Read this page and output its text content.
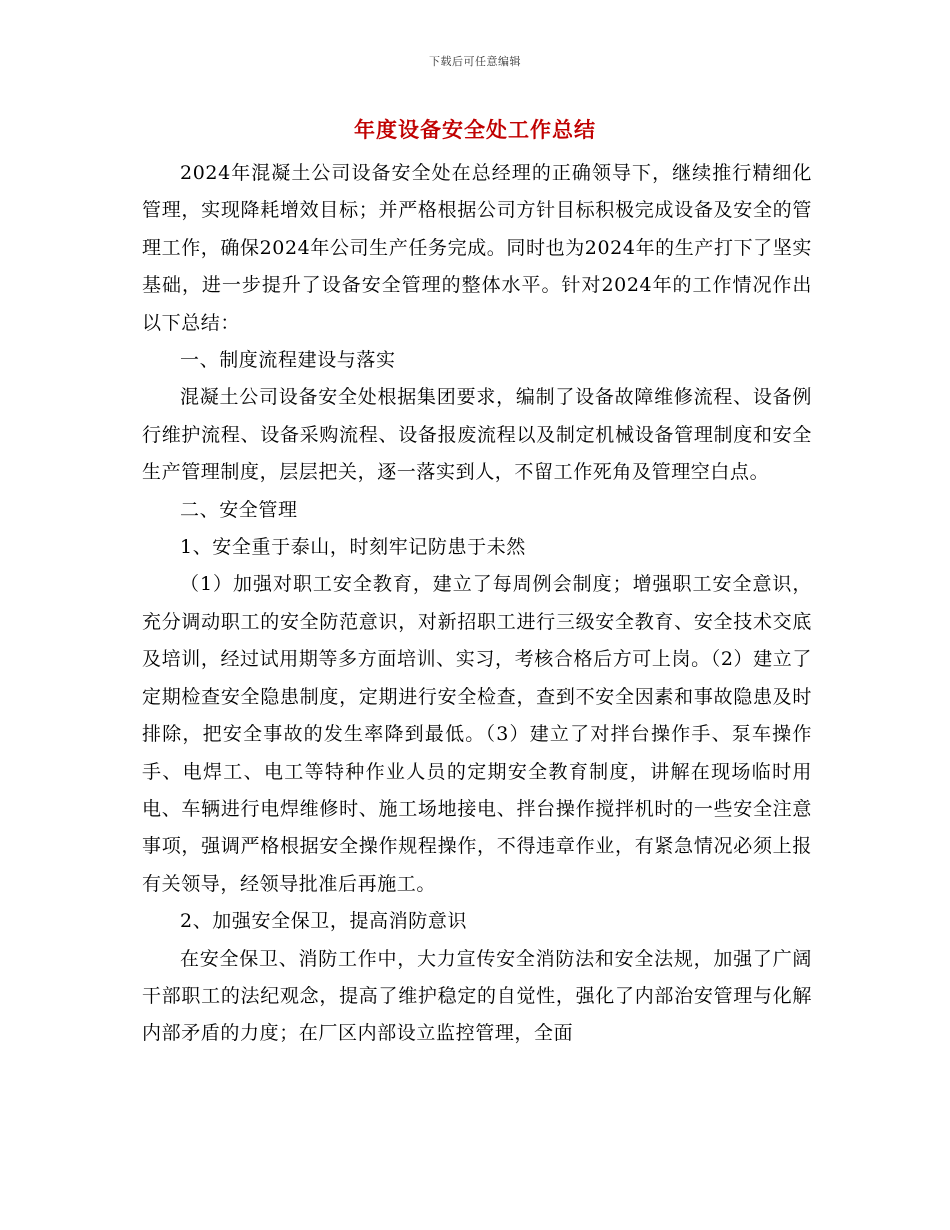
下载后可任意编辑
年度设备安全处工作总结

2024年混凝土公司设备安全处在总经理的正确领导下，继续推行精细化管理，实现降耗增效目标；并严格根据公司方针目标积极完成设备及安全的管理工作，确保2024年公司生产任务完成。同时也为2024年的生产打下了坚实基础，进一步提升了设备安全管理的整体水平。针对2024年的工作情况作出以下总结：

一、制度流程建设与落实

混凝土公司设备安全处根据集团要求，编制了设备故障维修流程、设备例行维护流程、设备采购流程、设备报废流程以及制定机械设备管理制度和安全生产管理制度，层层把关，逐一落实到人，不留工作死角及管理空白点。

二、安全管理

1、安全重于泰山，时刻牢记防患于未然

（1）加强对职工安全教育，建立了每周例会制度；增强职工安全意识，充分调动职工的安全防范意识，对新招职工进行三级安全教育、安全技术交底及培训，经过试用期等多方面培训、实习，考核合格后方可上岗。（2）建立了定期检查安全隐患制度，定期进行安全检查，查到不安全因素和事故隐患及时排除，把安全事故的发生率降到最低。（3）建立了对拌台操作手、泵车操作手、电焊工、电工等特种作业人员的定期安全教育制度，讲解在现场临时用电、车辆进行电焊维修时、施工场地接电、拌台操作搅拌机时的一些安全注意事项，强调严格根据安全操作规程操作，不得违章作业，有紧急情况必须上报有关领导，经领导批准后再施工。

2、加强安全保卫，提高消防意识

在安全保卫、消防工作中，大力宣传安全消防法和安全法规，加强了广阔干部职工的法纪观念，提高了维护稳定的自觉性，强化了内部治安管理与化解内部矛盾的力度；在厂区内部设立监控管理，全面
